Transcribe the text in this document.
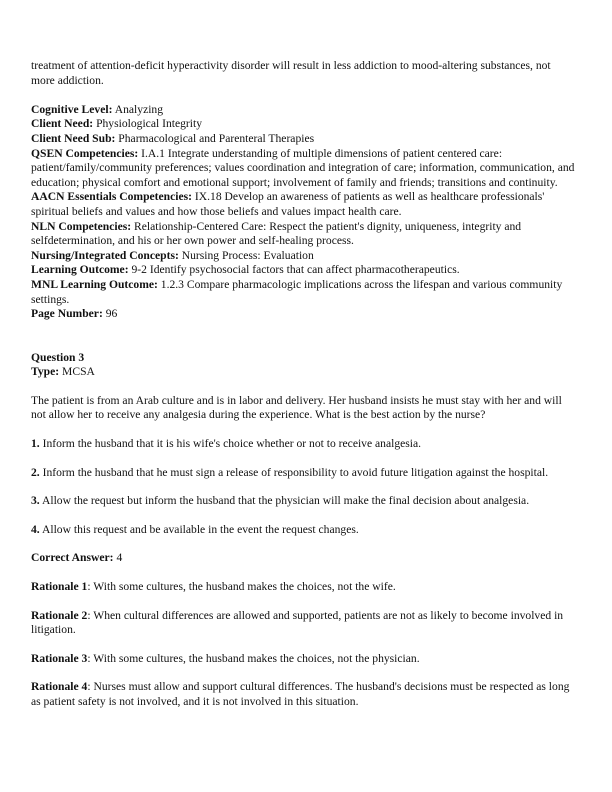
treatment of attention-deficit hyperactivity disorder will result in less addiction to mood-altering substances, not more addiction.

Cognitive Level: Analyzing

Client Need: Physiological Integrity

Client Need Sub: Pharmacological and Parenteral Therapies

QSEN Competencies: I.A.1 Integrate understanding of multiple dimensions of patient centered care: patient/family/community preferences; values coordination and integration of care; information, communication, and education; physical comfort and emotional support; involvement of family and friends; transitions and continuity.

AACN Essentials Competencies: IX.18 Develop an awareness of patients as well as healthcare professionals' spiritual beliefs and values and how those beliefs and values impact health care.

NLN Competencies: Relationship-Centered Care: Respect the patient's dignity, uniqueness, integrity and selfdetermination, and his or her own power and self-healing process.

Nursing/Integrated Concepts: Nursing Process: Evaluation

Learning Outcome: 9-2 Identify psychosocial factors that can affect pharmacotherapeutics.

MNL Learning Outcome: 1.2.3 Compare pharmacologic implications across the lifespan and various community settings.

Page Number: 96

Question 3

Type: MCSA

The patient is from an Arab culture and is in labor and delivery. Her husband insists he must stay with her and will not allow her to receive any analgesia during the experience. What is the best action by the nurse?

1. Inform the husband that it is his wife's choice whether or not to receive analgesia.

2. Inform the husband that he must sign a release of responsibility to avoid future litigation against the hospital.

3. Allow the request but inform the husband that the physician will make the final decision about analgesia.

4. Allow this request and be available in the event the request changes.

Correct Answer: 4

Rationale 1: With some cultures, the husband makes the choices, not the wife.

Rationale 2: When cultural differences are allowed and supported, patients are not as likely to become involved in litigation.

Rationale 3: With some cultures, the husband makes the choices, not the physician.

Rationale 4: Nurses must allow and support cultural differences. The husband's decisions must be respected as long as patient safety is not involved, and it is not involved in this situation.
